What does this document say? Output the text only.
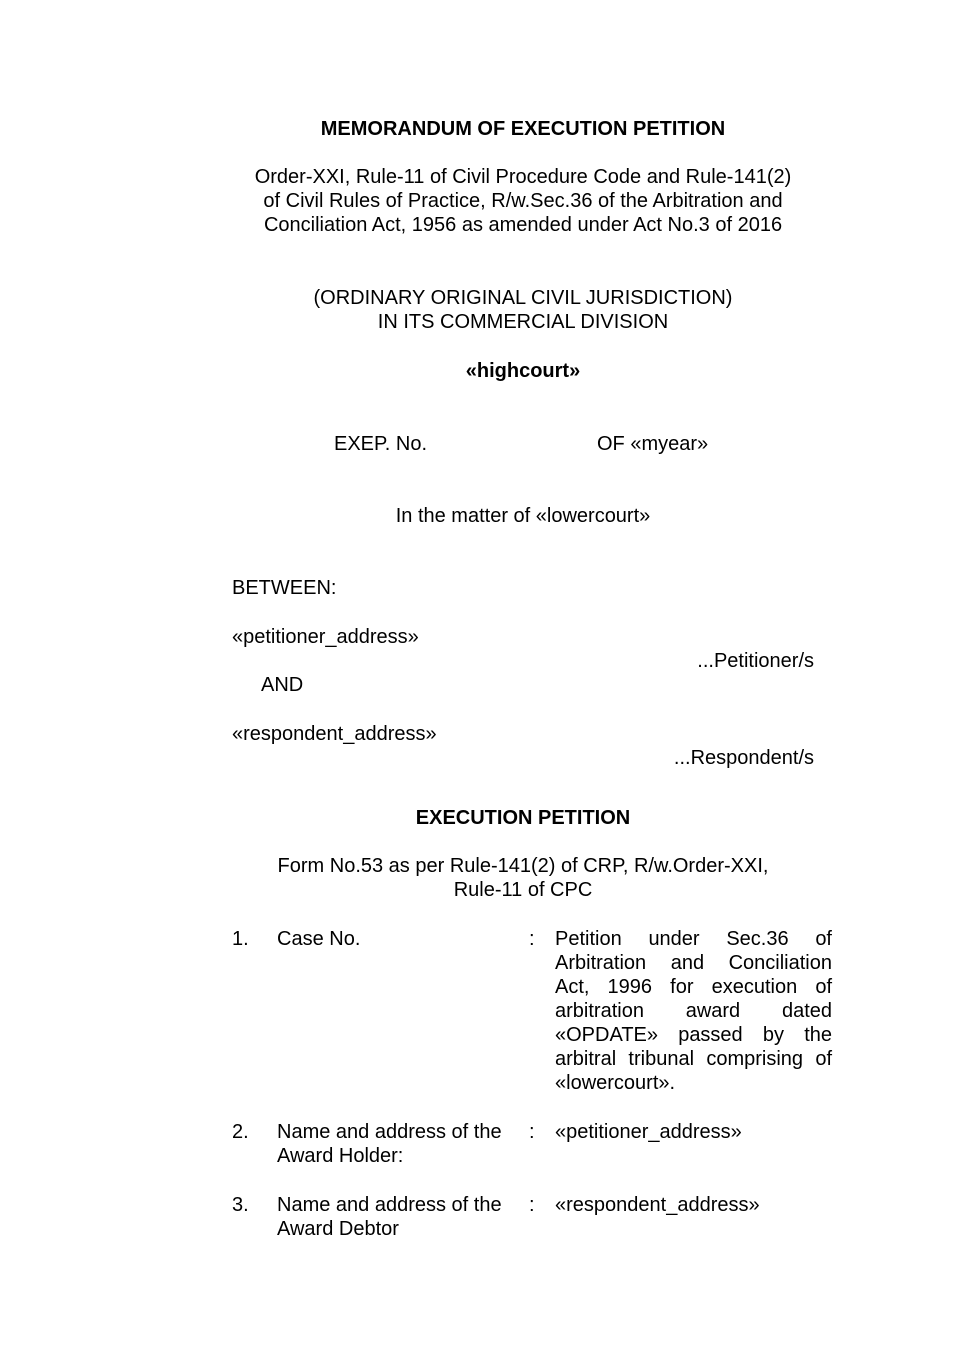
MEMORANDUM OF EXECUTION PETITION
Order-XXI, Rule-11 of Civil Procedure Code and Rule-141(2)
of Civil Rules of Practice, R/w.Sec.36 of the Arbitration and
Conciliation Act, 1956 as amended under Act No.3 of 2016
(ORDINARY ORIGINAL CIVIL JURISDICTION)
IN ITS COMMERCIAL DIVISION
«highcourt»
EXEP. No.	OF «myear»
In the matter of «lowercourt»
BETWEEN:
«petitioner_address»
...Petitioner/s
AND
«respondent_address»
...Respondent/s
EXECUTION PETITION
Form No.53 as per Rule-141(2) of CRP, R/w.Order-XXI,
Rule-11 of CPC
1. Case No.	: Petition under Sec.36 of
Arbitration and Conciliation
Act, 1996 for execution of
arbitration award dated
«OPDATE» passed by the
arbitral tribunal comprising of
«lowercourt».
2. Name and address of the
Award Holder:
: «petitioner_address»
3. Name and address of the
Award Debtor
: «respondent_address»
